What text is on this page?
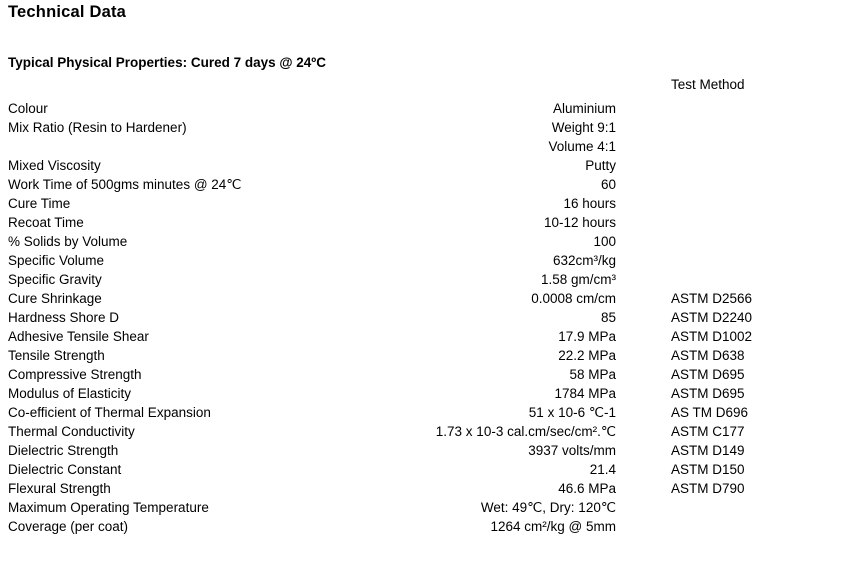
Technical Data
Typical Physical Properties: Cured 7 days @ 24ºC
Test Method
Colour	Aluminium
Mix Ratio (Resin to Hardener)	Weight 9:1
Volume 4:1
Mixed Viscosity	Putty
Work Time of 500gms minutes @ 24℃	60
Cure Time	16 hours
Recoat Time	10-12 hours
% Solids by Volume	100
Specific Volume	632cm³/kg
Specific Gravity	1.58 gm/cm³
Cure Shrinkage	0.0008 cm/cm	ASTM D2566
Hardness Shore D	85	ASTM D2240
Adhesive Tensile Shear	17.9 MPa	ASTM D1002
Tensile Strength	22.2 MPa	ASTM D638
Compressive Strength	58 MPa	ASTM D695
Modulus of Elasticity	1784 MPa	ASTM D695
Co-efficient of Thermal Expansion	51 x 10-6 ℃-1	AS TM D696
Thermal Conductivity	1.73 x 10-3 cal.cm/sec/cm².℃	ASTM C177
Dielectric Strength	3937 volts/mm	ASTM D149
Dielectric Constant	21.4	ASTM D150
Flexural Strength	46.6 MPa	ASTM D790
Maximum Operating Temperature	Wet: 49℃, Dry: 120℃
Coverage (per coat)	1264 cm²/kg @ 5mm
